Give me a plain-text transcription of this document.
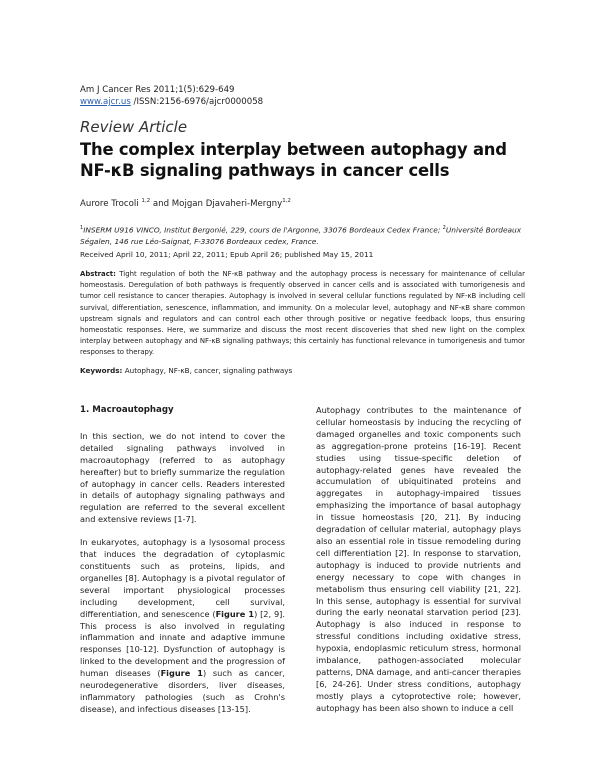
Am J Cancer Res 2011;1(5):629-649
www.ajcr.us /ISSN:2156-6976/ajcr0000058
Review Article
The complex interplay between autophagy and NF-κB signaling pathways in cancer cells
Aurore Trocoli $^{1,2}$ and Mojgan Djavaheri-Mergny$^{1,2}$
$^1$INSERM U916 VINCO, Institut Bergonié, 229, cours de l'Argonne, 33076 Bordeaux Cedex France; $^2$Université Bordeaux Ségalen, 146 rue Léo-Saignat, F-33076 Bordeaux cedex, France.
Received April 10, 2011; April 22, 2011; Epub April 26; published May 15, 2011
Abstract: Tight regulation of both the NF-κB pathway and the autophagy process is necessary for maintenance of cellular homeostasis. Deregulation of both pathways is frequently observed in cancer cells and is associated with tumorigenesis and tumor cell resistance to cancer therapies. Autophagy is involved in several cellular functions regulated by NF-κB including cell survival, differentiation, senescence, inflammation, and immunity. On a molecular level, autophagy and NF-κB share common upstream signals and regulators and can control each other through positive or negative feedback loops, thus ensuring homeostatic responses. Here, we summarize and discuss the most recent discoveries that shed new light on the complex interplay between autophagy and NF-κB signaling pathways; this certainly has functional relevance in tumorigenesis and tumor responses to therapy.
Keywords: Autophagy, NF-κB, cancer, signaling pathways
1. Macroautophagy

In this section, we do not intend to cover the detailed signaling pathways involved in macroautophagy (referred to as autophagy hereafter) but to briefly summarize the regulation of autophagy in cancer cells. Readers interested in details of autophagy signaling pathways and regulation are referred to the several excellent and extensive reviews [1-7].

In eukaryotes, autophagy is a lysosomal process that induces the degradation of cytoplasmic constituents such as proteins, lipids, and organelles [8]. Autophagy is a pivotal regulator of several important physiological processes including development, cell survival, differentiation, and senescence (Figure 1) [2, 9]. This process is also involved in regulating inflammation and innate and adaptive immune responses [10-12]. Dysfunction of autophagy is linked to the development and the progression of human diseases (Figure 1) such as cancer, neurodegenerative disorders, liver diseases, inflammatory pathologies (such as Crohn's disease), and infectious diseases [13-15].

Autophagy contributes to the maintenance of cellular homeostasis by inducing the recycling of damaged organelles and toxic components such as aggregation-prone proteins [16-19]. Recent studies using tissue-specific deletion of autophagy-related genes have revealed the accumulation of ubiquitinated proteins and aggregates in autophagy-impaired tissues emphasizing the importance of basal autophagy in tissue homeostasis [20, 21]. By inducing degradation of cellular material, autophagy plays also an essential role in tissue remodeling during cell differentiation [2]. In response to starvation, autophagy is induced to provide nutrients and energy necessary to cope with changes in metabolism thus ensuring cell viability [21, 22]. In this sense, autophagy is essential for survival during the early neonatal starvation period [23]. Autophagy is also induced in response to stressful conditions including oxidative stress, hypoxia, endoplasmic reticulum stress, hormonal imbalance, pathogen-associated molecular patterns, DNA damage, and anti-cancer therapies [6, 24-26]. Under stress conditions, autophagy mostly plays a cytoprotective role; however, autophagy has been also shown to induce a cell
